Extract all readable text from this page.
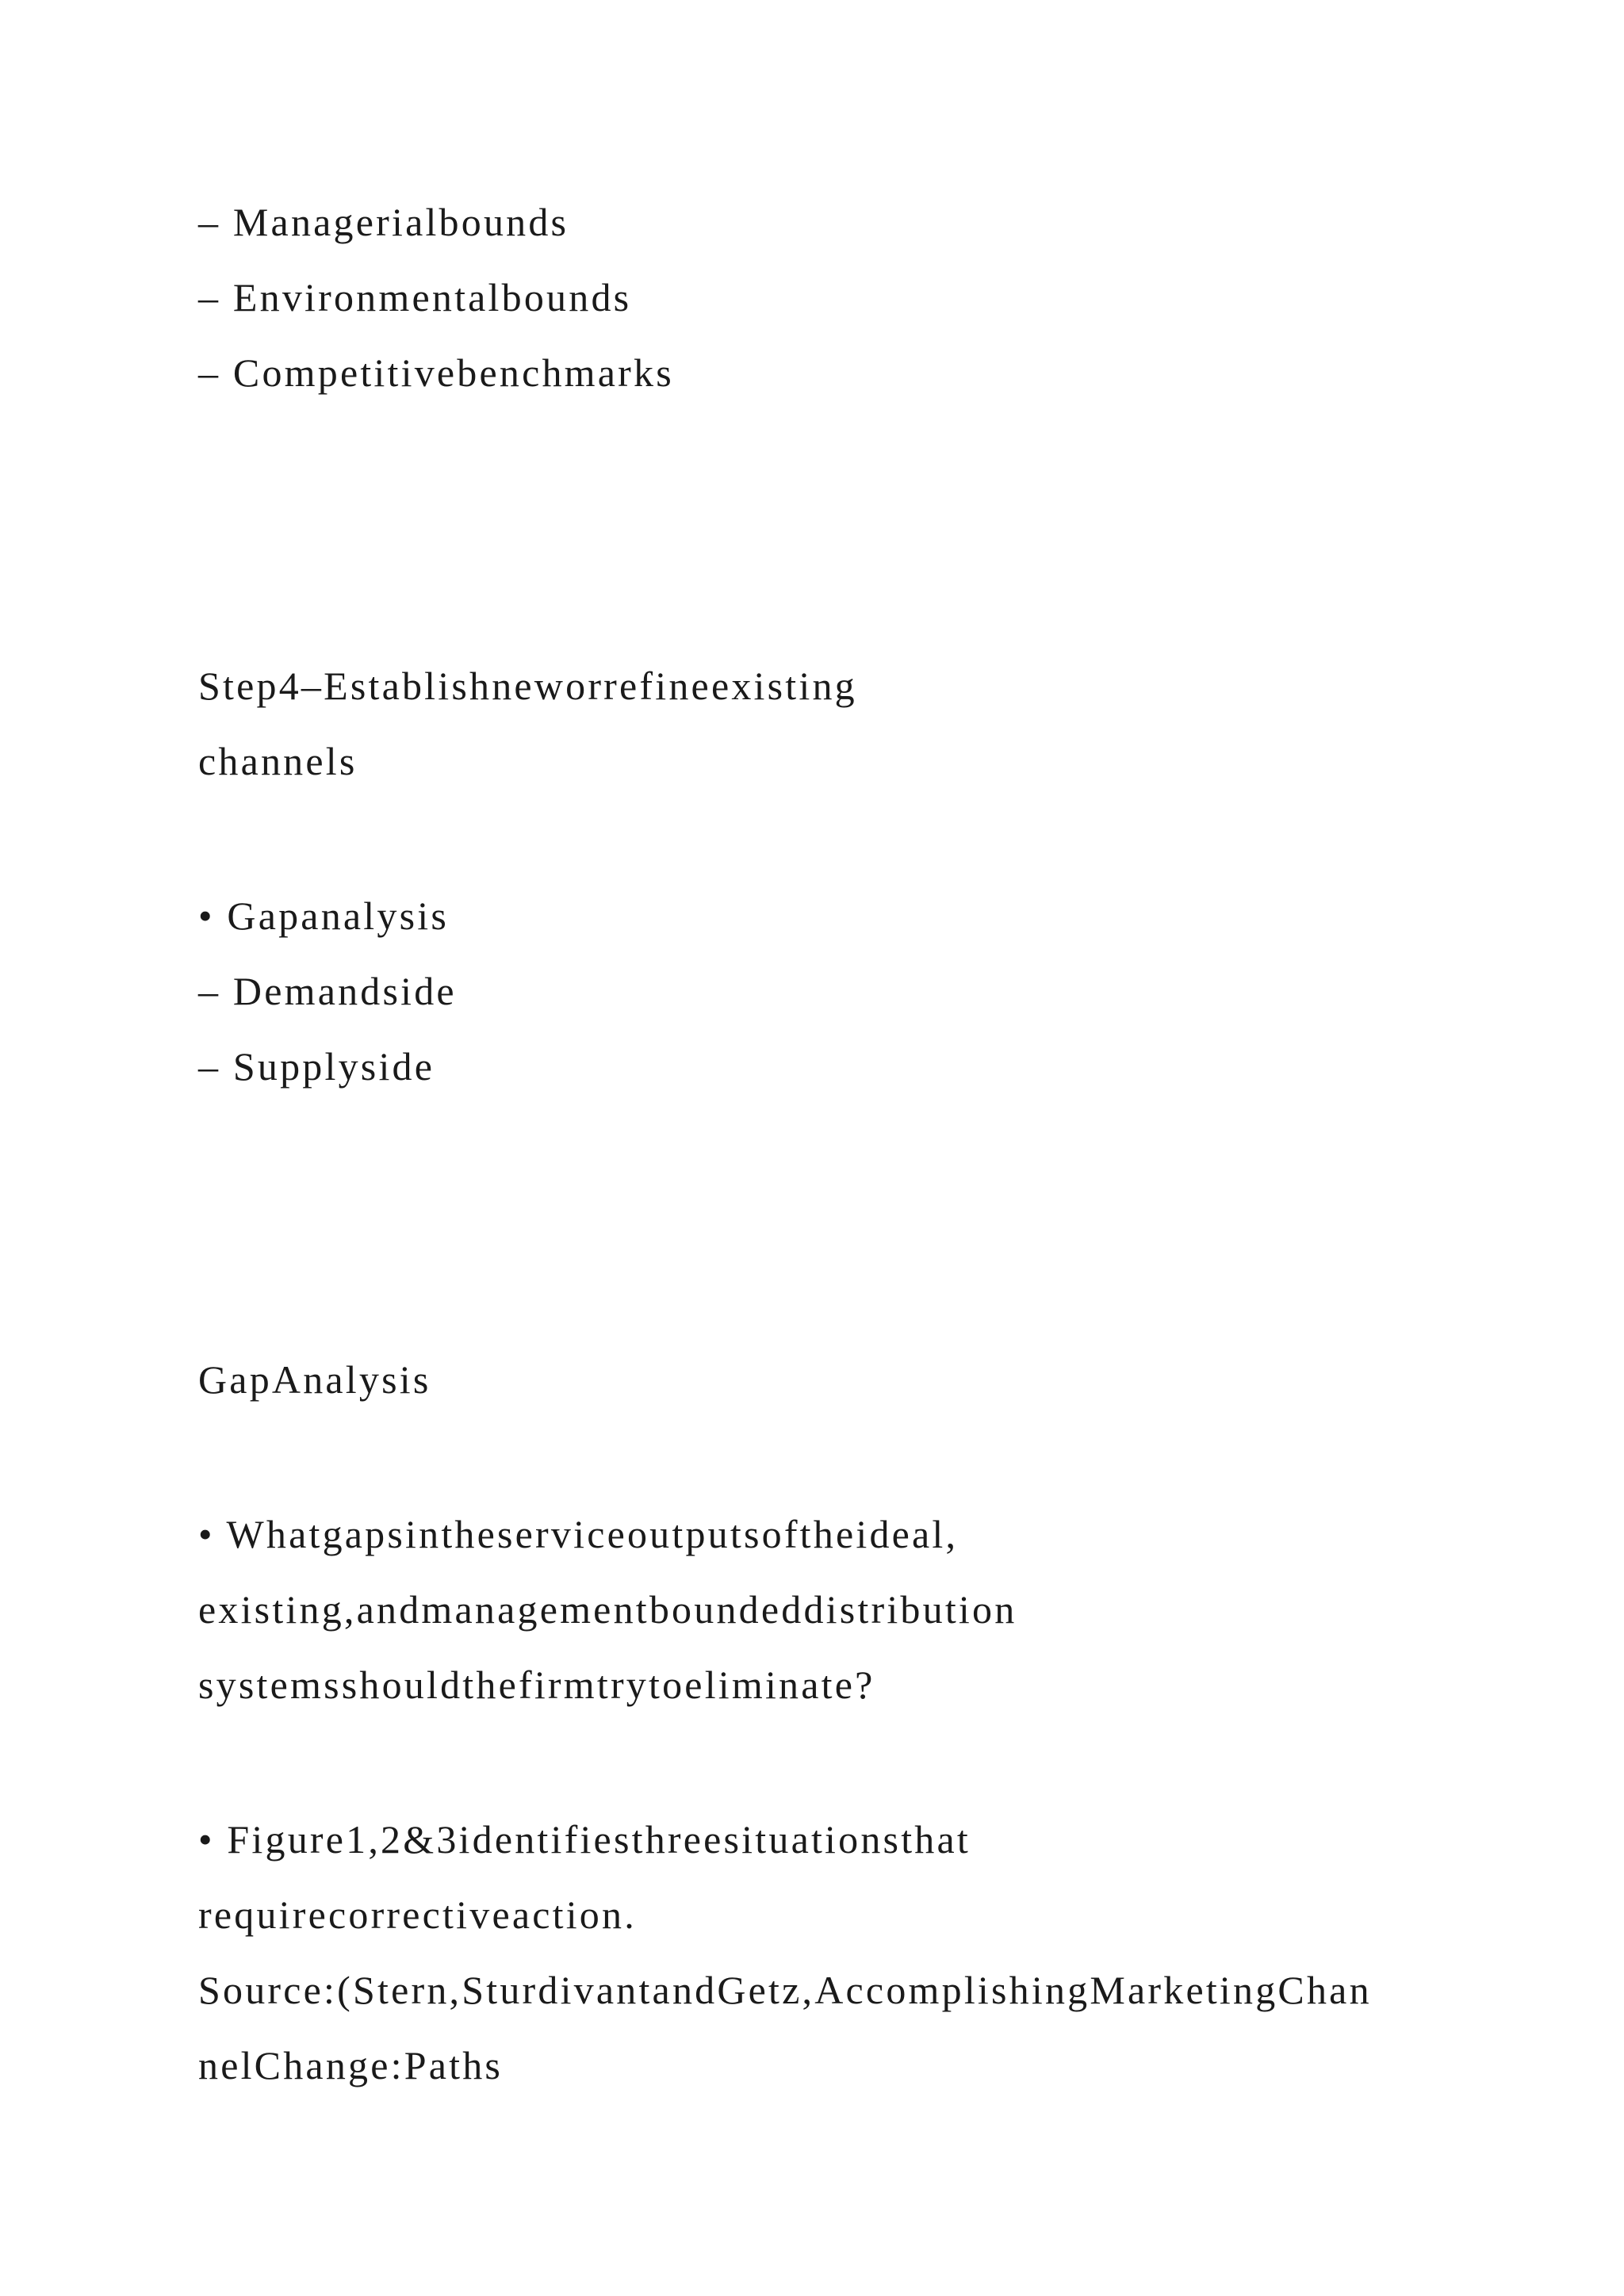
– Managerialbounds
– Environmentalbounds
– Competitivebenchmarks
Step4–Establishneworrefineexisting
channels
• Gapanalysis
– Demandside
– Supplyside
GapAnalysis
• Whatgapsintheserviceoutputsoftheideal,
existing,andmanagementboundeddistribution
systemsshouldthefirmtrytoeliminate?
• Figure1,2&3identifiesthreesituationsthat
requirecorrectiveaction.
Source:(Stern,SturdivantandGetz,AccomplishingMarketingChan
nelChange:Paths
